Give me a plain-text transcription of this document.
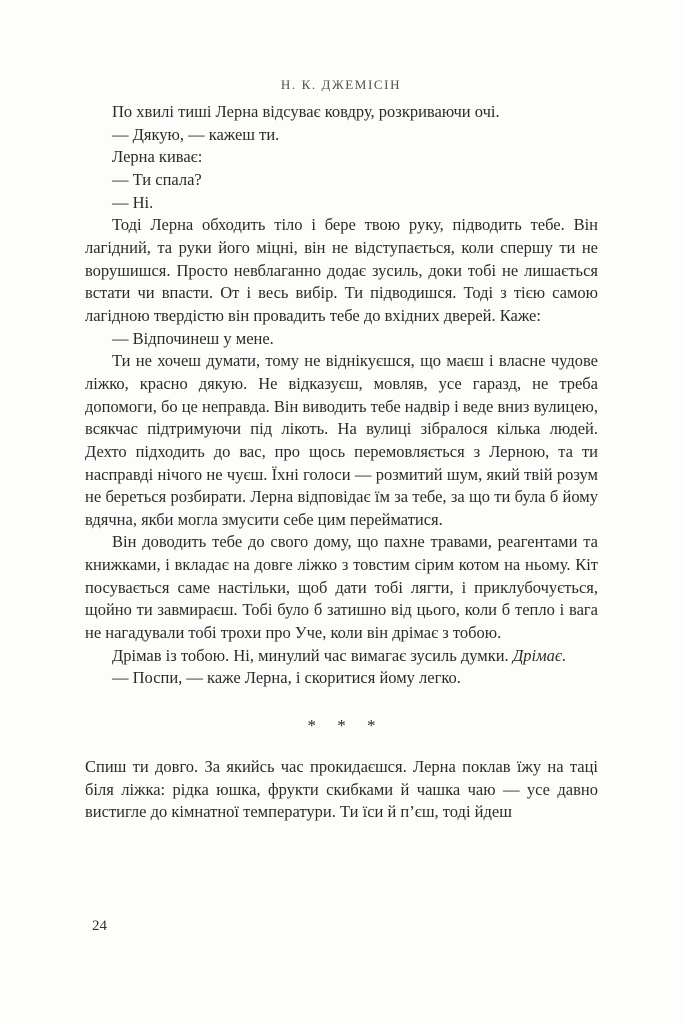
Н. К. ДЖЕМІСІН

По хвилі тиші Лерна відсуває ковдру, розкриваючи очі.

— Дякую, — кажеш ти.

Лерна киває:

— Ти спала?

— Ні.

Тоді Лерна обходить тіло і бере твою руку, підводить тебе. Він лагідний, та руки його міцні, він не відступається, коли спершу ти не ворушишся. Просто невблаганно додає зусиль, доки тобі не лишається встати чи впасти. От і весь вибір. Ти підводишся. Тоді з тією самою лагідною твердістю він провадить тебе до вхідних дверей. Каже:

— Відпочинеш у мене.

Ти не хочеш думати, тому не віднікуєшся, що маєш і власне чудове ліжко, красно дякую. Не відказуєш, мовляв, усе гаразд, не треба допомоги, бо це неправда. Він виводить тебе надвір і веде вниз вулицею, всякчас підтримуючи під лікоть. На вулиці зібралося кілька людей. Дехто підходить до вас, про щось перемовляється з Лерною, та ти насправді нічого не чуєш. Їхні голоси — розмитий шум, який твій розум не береться розбирати. Лерна відповідає їм за тебе, за що ти була б йому вдячна, якби могла змусити себе цим перейматися.

Він доводить тебе до свого дому, що пахне травами, реагентами та книжками, і вкладає на довге ліжко з товстим сірим котом на ньому. Кіт посувається саме настільки, щоб дати тобі лягти, і приклубочується, щойно ти завмираєш. Тобі було б затишно від цього, коли б тепло і вага не нагадували тобі трохи про Уче, коли він дрімає з тобою.

Дрімав із тобою. Ні, минулий час вимагає зусиль думки. Дрімає.

— Поспи, — каже Лерна, і скоритися йому легко.

* * *

Спиш ти довго. За якийсь час прокидаєшся. Лерна поклав їжу на таці біля ліжка: рідка юшка, фрукти скибками й чашка чаю — усе давно вистигле до кімнатної температури. Ти їси й п’єш, тоді йдеш

24
